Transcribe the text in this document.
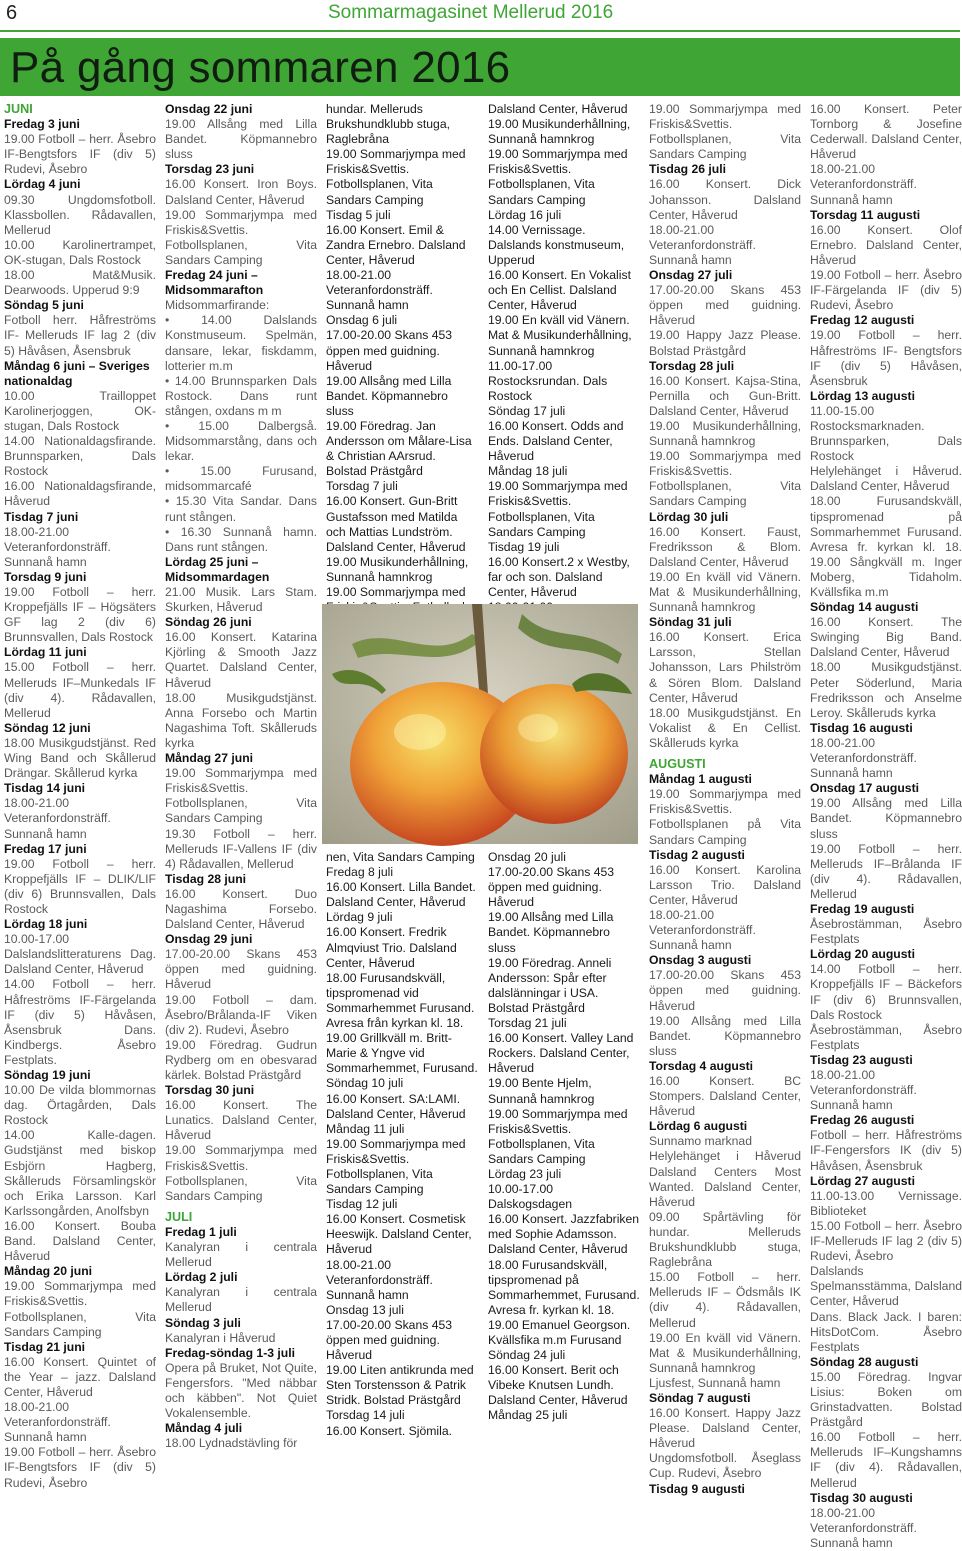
6	Sommarmagasinet Mellerud 2016
På gång sommaren 2016

JUNI

Fredag 3 juni

19.00 Fotboll – herr. Åsebro IF-Bengtsfors IF (div 5) Rudevi, Åsebro

Lördag 4 juni

09.30 Ungdomsfotboll. Klassbollen. Rådavallen, Mellerud

10.00 Karolinertrampet, OK-stugan, Dals Rostock

18.00 Mat&Musik. Dearwoods. Upperud 9:9

Söndag 5 juni

Fotboll herr. Håfreströms IF- Melleruds IF lag 2 (div 5) Håvåsen, Åsensbruk

Måndag 6 juni – Sveriges nationaldag

10.00 Trailloppet Karolinerjoggen, OK-stugan, Dals Rostock

14.00 Nationaldagsfirande. Brunnsparken, Dals Rostock

16.00 Nationaldagsfirande, Håverud

Tisdag 7 juni

18.00-21.00 Veteranfordonsträff. Sunnanå hamn

Torsdag 9 juni

19.00 Fotboll – herr. Kroppefjälls IF – Högsäters GF lag 2 (div 6) Brunnsvallen, Dals Rostock

Lördag 11 juni

15.00 Fotboll – herr. Melleruds IF–Munkedals IF (div 4). Rådavallen, Mellerud

Söndag 12 juni

18.00 Musikgudstjänst. Red Wing Band och Skållerud Drängar. Skållerud kyrka

Tisdag 14 juni

18.00-21.00 Veteranfordonsträff. Sunnanå hamn

Fredag 17 juni

19.00 Fotboll – herr. Kroppefjälls IF – DLIK/LIF (div 6) Brunnsvallen, Dals Rostock

Lördag 18 juni

10.00-17.00 Dalslandslitteraturens Dag. Dalsland Center, Håverud

14.00 Fotboll – herr. Håfreströms IF-Färgelanda IF (div 5) Håvåsen, Åsensbruk Dans. Kindbergs. Åsebro Festplats.

Söndag 19 juni

10.00 De vilda blommornas dag. Örtagården, Dals Rostock

14.00 Kalle-dagen. Gudstjänst med biskop Esbjörn Hagberg, Skålleruds Församlingskör och Erika Larsson. Karl Karlssongården, Anolfsbyn

16.00 Konsert. Bouba Band. Dalsland Center, Håverud

Måndag 20 juni

19.00 Sommarjympa med Friskis&Svettis. Fotbollsplanen, Vita Sandars Camping

Tisdag 21 juni

16.00 Konsert. Quintet of the Year – jazz. Dalsland Center, Håverud

18.00-21.00 Veteranfordonsträff. Sunnanå hamn

19.00 Fotboll – herr. Åsebro IF-Bengtsfors IF (div 5) Rudevi, Åsebro

Onsdag 22 juni

19.00 Allsång med Lilla Bandet. Köpmannebro sluss

Torsdag 23 juni

16.00 Konsert. Iron Boys. Dalsland Center, Håverud

19.00 Sommarjympa med Friskis&Svettis. Fotbollsplanen, Vita Sandars Camping

Fredag 24 juni – Midsommarafton

Midsommarfirande:

• 14.00 Dalslands Konstmuseum. Spelmän, dansare, lekar, fiskdamm, lotterier m.m

• 14.00 Brunnsparken Dals Rostock. Dans runt stången, oxdans m m

• 15.00 Dalbergså. Midsommarstång, dans och lekar.

• 15.00 Furusand, midsommarcafé

• 15.30 Vita Sandar. Dans runt stången.

• 16.30 Sunnanå hamn. Dans runt stången.

Lördag 25 juni – Midsommardagen

21.00 Musik. Lars Stam. Skurken, Håverud

Söndag 26 juni

16.00 Konsert. Katarina Kjörling & Smooth Jazz Quartet. Dalsland Center, Håverud

18.00 Musikgudstjänst. Anna Forsebo och Martin Nagashima Toft. Skålleruds kyrka

Måndag 27 juni

19.00 Sommarjympa med Friskis&Svettis. Fotbollsplanen, Vita Sandars Camping

19.30 Fotboll – herr. Melleruds IF-Vallens IF (div 4) Rådavallen, Mellerud

Tisdag 28 juni

16.00 Konsert. Duo Nagashima Forsebo. Dalsland Center, Håverud

Onsdag 29 juni

17.00-20.00 Skans 453 öppen med guidning. Håverud

19.00 Fotboll – dam. Åsebro/Brålanda-IF Viken (div 2). Rudevi, Åsebro

19.00 Föredrag. Gudrun Rydberg om en obesvarad kärlek. Bolstad Prästgård

Torsdag 30 juni

16.00 Konsert. The Lunatics. Dalsland Center, Håverud

19.00 Sommarjympa med Friskis&Svettis. Fotbollsplanen, Vita Sandars Camping

JULI

Fredag 1 juli

Kanalyran i centrala Mellerud

Lördag 2 juli

Kanalyran i centrala Mellerud

Söndag 3 juli

Kanalyran i Håverud

Fredag-söndag 1-3 juli

Opera på Bruket, Not Quite, Fengersfors. "Med näbbar och käbben". Not Quiet Vokalensemble.

Måndag 4 juli

18.00 Lydnadstävling för

hundar. Melleruds Brukshundklubb stuga, Raglebråna

19.00 Sommarjympa med Friskis&Svettis. Fotbollsplanen, Vita Sandars Camping

Tisdag 5 juli

16.00 Konsert. Emil & Zandra Ernebro. Dalsland Center, Håverud

18.00-21.00 Veteranfordonsträff. Sunnanå hamn

Onsdag 6 juli

17.00-20.00 Skans 453 öppen med guidning. Håverud

19.00 Allsång med Lilla Bandet. Köpmannebro sluss

19.00 Föredrag. Jan Andersson om Målare-Lisa & Christian AArsrud. Bolstad Prästgård

Torsdag 7 juli

16.00 Konsert. Gun-Britt Gustafsson med Matilda och Mattias Lundström. Dalsland Center, Håverud

19.00 Musikunderhållning, Sunnanå hamnkrog

19.00 Sommarjympa med

Dalsland Center, Håverud

19.00 Musikunderhållning, Sunnanå hamnkrog

19.00 Sommarjympa med Friskis&Svettis. Fotbollsplanen, Vita Sandars Camping

Lördag 16 juli

14.00 Vernissage. Dalslands konstmuseum, Upperud

16.00 Konsert. En Vokalist och En Cellist. Dalsland Center, Håverud

19.00 En kväll vid Vänern. Mat & Musikunderhållning, Sunnanå hamnkrog

11.00-17.00 Rostocksrundan. Dals Rostock

Söndag 17 juli

16.00 Konsert. Odds and Ends. Dalsland Center, Håverud

Måndag 18 juli

19.00 Sommarjympa med Friskis&Svettis. Fotbollsplanen, Vita Sandars Camping

Tisdag 19 juli

16.00 Konsert.2 x Westby, far och son. Dalsland Center, Håverud

nen, Vita Sandars Camping

Fredag 8 juli

16.00 Konsert. Lilla Bandet. Dalsland Center, Håverud

Lördag 9 juli

16.00 Konsert. Fredrik Almqviust Trio. Dalsland Center, Håverud

18.00 Furusandskväll, tipspromenad vid Sommarhemmet Furusand. Avresa från kyrkan kl. 18. 19.00 Grillkväll m. Britt-Marie & Yngve vid Sommarhemmet, Furusand.

Söndag 10 juli

16.00 Konsert. SA:LAMI. Dalsland Center, Håverud

Måndag 11 juli

19.00 Sommarjympa med Friskis&Svettis. Fotbollsplanen, Vita Sandars Camping

Tisdag 12 juli

16.00 Konsert. Cosmetisk Heeswijk. Dalsland Center, Håverud

18.00-21.00 Veteranfordonsträff. Sunnanå hamn

Onsdag 13 juli

17.00-20.00 Skans 453 öppen med guidning. Håverud

19.00 Liten antikrunda med Sten Torstensson & Patrik Stridk. Bolstad Prästgård

Torsdag 14 juli

16.00 Konsert. Sjömila.

Onsdag 20 juli

17.00-20.00 Skans 453 öppen med guidning. Håverud

19.00 Allsång med Lilla Bandet. Köpmannebro sluss

19.00 Föredrag. Anneli Andersson: Spår efter dalslänningar i USA. Bolstad Prästgård

Torsdag 21 juli

16.00 Konsert. Valley Land Rockers. Dalsland Center, Håverud

19.00 Bente Hjelm, Sunnanå hamnkrog

19.00 Sommarjympa med Friskis&Svettis. Fotbollsplanen, Vita Sandars Camping

Lördag 23 juli

10.00-17.00 Dalskogsdagen

16.00 Konsert. Jazzfabriken med Sophie Adamsson. Dalsland Center, Håverud

18.00 Furusandskväll, tipspromenad på Sommarhemmet, Furusand. Avresa fr. kyrkan kl. 18. 19.00 Emanuel Georgson. Kvällsfika m.m Furusand

Söndag 24 juli

16.00 Konsert. Berit och Vibeke Knutsen Lundh. Dalsland Center, Håverud

Måndag 25 juli

19.00 Sommarjympa med Friskis&Svettis. Fotbollsplanen, Vita Sandars Camping

Tisdag 26 juli

16.00 Konsert. Dick Johansson. Dalsland Center, Håverud

18.00-21.00 Veteranfordonsträff. Sunnanå hamn

Onsdag 27 juli

17.00-20.00 Skans 453 öppen med guidning. Håverud

19.00 Happy Jazz Please. Bolstad Prästgård

Torsdag 28 juli

16.00 Konsert. Kajsa-Stina, Pernilla och Gun-Britt. Dalsland Center, Håverud

19.00 Musikunderhållning, Sunnanå hamnkrog

19.00 Sommarjympa med Friskis&Svettis. Fotbollsplanen, Vita Sandars Camping

Lördag 30 juli

16.00 Konsert. Faust, Fredriksson & Blom. Dalsland Center, Håverud

19.00 En kväll vid Vänern. Mat & Musikunderhållning, Sunnanå hamnkrog

Söndag 31 juli

16.00 Konsert. Erica Larsson, Stellan Johansson, Lars Philström & Sören Blom. Dalsland Center, Håverud

18.00 Musikgudstjänst. En Vokalist & En Cellist. Skålleruds kyrka

AUGUSTI

Måndag 1 augusti

19.00 Sommarjympa med Friskis&Svettis. Fotbollsplanen på Vita Sandars Camping

Tisdag 2 augusti

16.00 Konsert. Karolina Larsson Trio. Dalsland Center, Håverud

18.00-21.00 Veteranfordonsträff. Sunnanå hamn

Onsdag 3 augusti

17.00-20.00 Skans 453 öppen med guidning. Håverud

19.00 Allsång med Lilla Bandet. Köpmannebro sluss

Torsdag 4 augusti

16.00 Konsert. BC Stompers. Dalsland Center, Håverud

Lördag 6 augusti

Sunnamo marknad

Helylehänget i Håverud Dalsland Centers Most Wanted. Dalsland Center, Håverud

09.00 Spårtävling för hundar. Melleruds Brukshundklubb stuga, Raglebråna

15.00 Fotboll – herr. Melleruds IF – Ödsmåls IK (div 4). Rådavallen, Mellerud

19.00 En kväll vid Vänern. Mat & Musikunderhållning, Sunnanå hamnkrog

Ljusfest, Sunnanå hamn

Söndag 7 augusti

16.00 Konsert. Happy Jazz Please. Dalsland Center, Håverud

Ungdomsfotboll. Åseglass Cup. Rudevi, Åsebro

Tisdag 9 augusti

16.00 Konsert. Peter Tornborg & Josefine Cederwall. Dalsland Center, Håverud

18.00-21.00 Veteranfordonsträff. Sunnanå hamn

Torsdag 11 augusti

16.00 Konsert. Olof Ernebro. Dalsland Center, Håverud

19.00 Fotboll – herr. Åsebro IF-Färgelanda IF (div 5) Rudevi, Åsebro

Fredag 12 augusti

19.00 Fotboll – herr. Håfreströms IF- Bengtsfors IF (div 5) Håvåsen, Åsensbruk

Lördag 13 augusti

11.00-15.00 Rostocksmarknaden. Brunnsparken, Dals Rostock

Helylehänget i Håverud. Dalsland Center, Håverud

18.00 Furusandskväll, tipspromenad på Sommarhemmet Furusand. Avresa fr. kyrkan kl. 18. 19.00 Sångkväll m. Inger Moberg, Tidaholm. Kvällsfika m.m

Söndag 14 augusti

16.00 Konsert. The Swinging Big Band. Dalsland Center, Håverud

18.00 Musikgudstjänst. Peter Söderlund, Maria Fredriksson och Anselme Leroy. Skålleruds kyrka

Tisdag 16 augusti

18.00-21.00 Veteranfordonsträff. Sunnanå hamn

Onsdag 17 augusti

19.00 Allsång med Lilla Bandet. Köpmannebro sluss

19.00 Fotboll – herr. Melleruds IF–Brålanda IF (div 4). Rådavallen, Mellerud

Fredag 19 augusti

Åsebrostämman, Åsebro Festplats

Lördag 20 augusti

14.00 Fotboll – herr. Kroppefjälls IF – Bäckefors IF (div 6) Brunnsvallen, Dals Rostock

Åsebrostämman, Åsebro Festplats

Tisdag 23 augusti

18.00-21.00 Veteranfordonsträff. Sunnanå hamn

Fredag 26 augusti

Fotboll – herr. Håfreströms IF-Fengersfors IK (div 5) Håvåsen, Åsensbruk

Lördag 27 augusti

11.00-13.00 Vernissage. Biblioteket

15.00 Fotboll – herr. Åsebro IF-Melleruds IF lag 2 (div 5) Rudevi, Åsebro

Dalslands Spelmansstämma, Dalsland Center, Håverud

Dans. Black Jack. I baren: HitsDotCom. Åsebro Festplats

Söndag 28 augusti

15.00 Föredrag. Ingvar Lisius: Boken om Grinstadvatten. Bolstad Prästgård

16.00 Fotboll – herr. Melleruds IF–Kungshamns IF (div 4). Rådavallen, Mellerud

Tisdag 30 augusti

18.00-21.00 Veteranfordonsträff. Sunnanå hamn
